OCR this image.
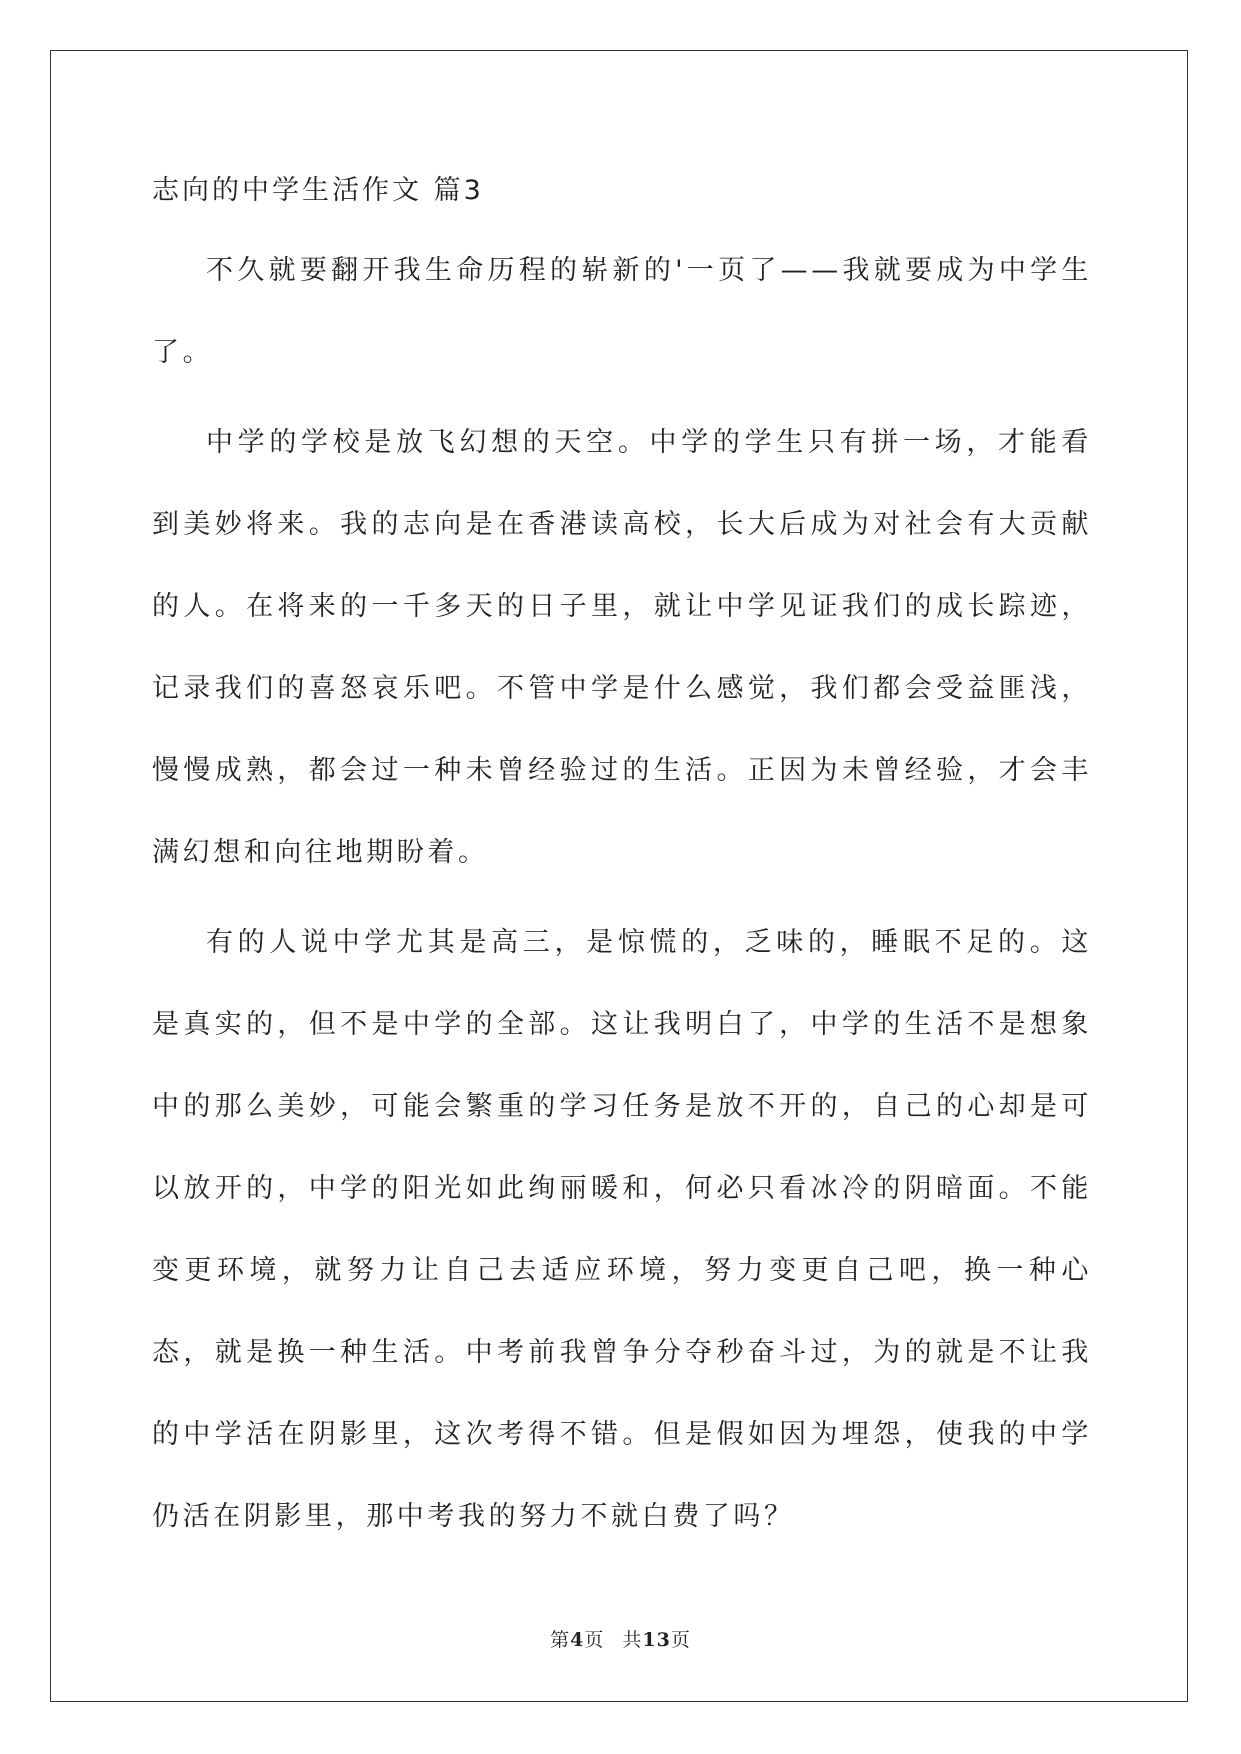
志向的中学生活作文 篇3

不久就要翻开我生命历程的崭新的'一页了——我就要成为中学生了。

中学的学校是放飞幻想的天空。中学的学生只有拼一场，才能看到美妙将来。我的志向是在香港读高校，长大后成为对社会有大贡献的人。在将来的一千多天的日子里，就让中学见证我们的成长踪迹，记录我们的喜怒哀乐吧。不管中学是什么感觉，我们都会受益匪浅，慢慢成熟，都会过一种未曾经验过的生活。正因为未曾经验，才会丰满幻想和向往地期盼着。

有的人说中学尤其是高三，是惊慌的，乏味的，睡眠不足的。这是真实的，但不是中学的全部。这让我明白了，中学的生活不是想象中的那么美妙，可能会繁重的学习任务是放不开的，自己的心却是可以放开的，中学的阳光如此绚丽暖和，何必只看冰冷的阴暗面。不能变更环境，就努力让自己去适应环境，努力变更自己吧，换一种心态，就是换一种生活。中考前我曾争分夺秒奋斗过，为的就是不让我的中学活在阴影里，这次考得不错。但是假如因为埋怨，使我的中学仍活在阴影里，那中考我的努力不就白费了吗？

第4页 共13页
